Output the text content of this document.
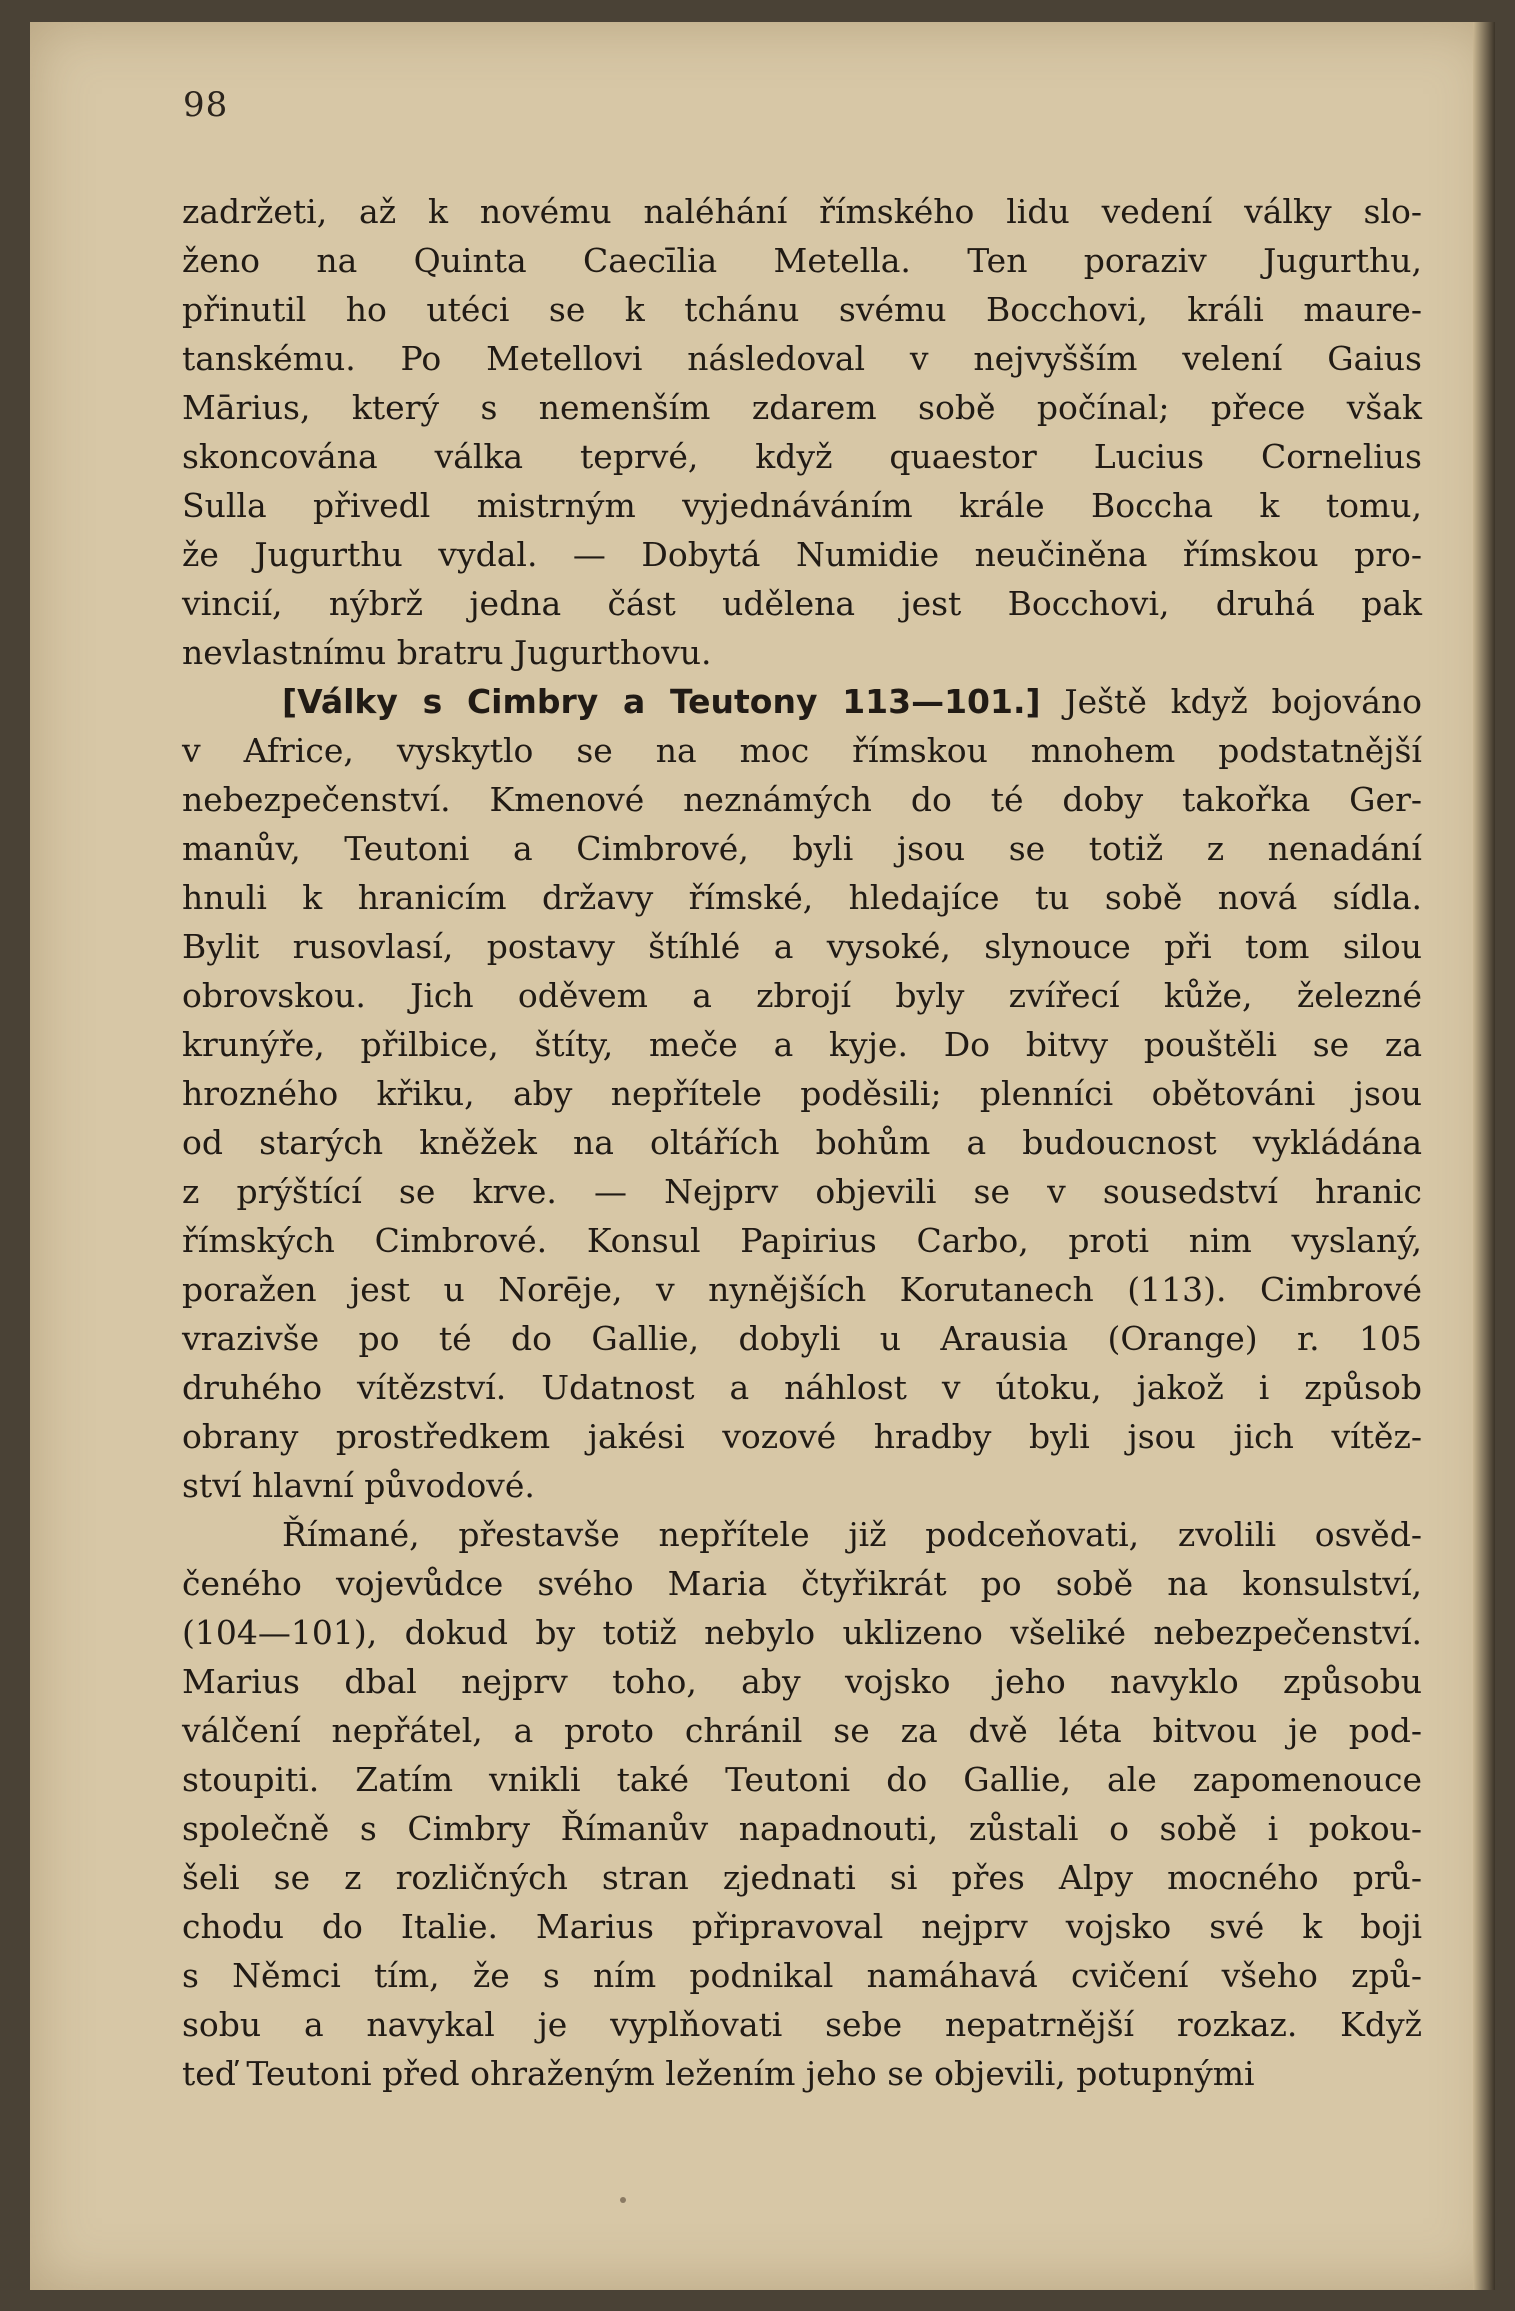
98
zadržeti, až k novému naléhání římského lidu vedení války slo-
ženo na Quinta Caecīlia Metella. Ten poraziv Jugurthu,
přinutil ho utéci se k tchánu svému Bocchovi, králi maure-
tanskému. Po Metellovi následoval v nejvyšším velení Gaius
Mārius, který s nemenším zdarem sobě počínal; přece však
skoncována válka teprvé, když quaestor Lucius Cornelius
Sulla přivedl mistrným vyjednáváním krále Boccha k tomu,
že Jugurthu vydal. — Dobytá Numidie neučiněna římskou pro-
vincií, nýbrž jedna část udělena jest Bocchovi, druhá pak
nevlastnímu bratru Jugurthovu.
[Války s Cimbry a Teutony 113—101.] Ještě když bojováno
v Africe, vyskytlo se na moc římskou mnohem podstatnější
nebezpečenství. Kmenové neznámých do té doby takořka Ger-
manův, Teutoni a Cimbrové, byli jsou se totiž z nenadání
hnuli k hranicím državy římské, hledajíce tu sobě nová sídla.
Bylit rusovlasí, postavy štíhlé a vysoké, slynouce při tom silou
obrovskou. Jich oděvem a zbrojí byly zvířecí kůže, železné
krunýře, přilbice, štíty, meče a kyje. Do bitvy pouštěli se za
hrozného křiku, aby nepřítele poděsili; plenníci obětováni jsou
od starých kněžek na oltářích bohům a budoucnost vykládána
z prýštící se krve. — Nejprv objevili se v sousedství hranic
římských Cimbrové. Konsul Papirius Carbo, proti nim vyslaný,
poražen jest u Norēje, v nynějších Korutanech (113). Cimbrové
vrazivše po té do Gallie, dobyli u Arausia (Orange) r. 105
druhého vítězství. Udatnost a náhlost v útoku, jakož i způsob
obrany prostředkem jakési vozové hradby byli jsou jich vítěz-
ství hlavní původové.
Římané, přestavše nepřítele již podceňovati, zvolili osvěd-
čeného vojevůdce svého Maria čtyřikrát po sobě na konsulství,
(104—101), dokud by totiž nebylo uklizeno všeliké nebezpečenství.
Marius dbal nejprv toho, aby vojsko jeho navyklo způsobu
válčení nepřátel, a proto chránil se za dvě léta bitvou je pod-
stoupiti. Zatím vnikli také Teutoni do Gallie, ale zapomenouce
společně s Cimbry Římanův napadnouti, zůstali o sobě i pokou-
šeli se z rozličných stran zjednati si přes Alpy mocného prů-
chodu do Italie. Marius připravoval nejprv vojsko své k boji
s Němci tím, že s ním podnikal namáhavá cvičení všeho způ-
sobu a navykal je vyplňovati sebe nepatrnější rozkaz. Když
teď Teutoni před ohraženým ležením jeho se objevili, potupnými
